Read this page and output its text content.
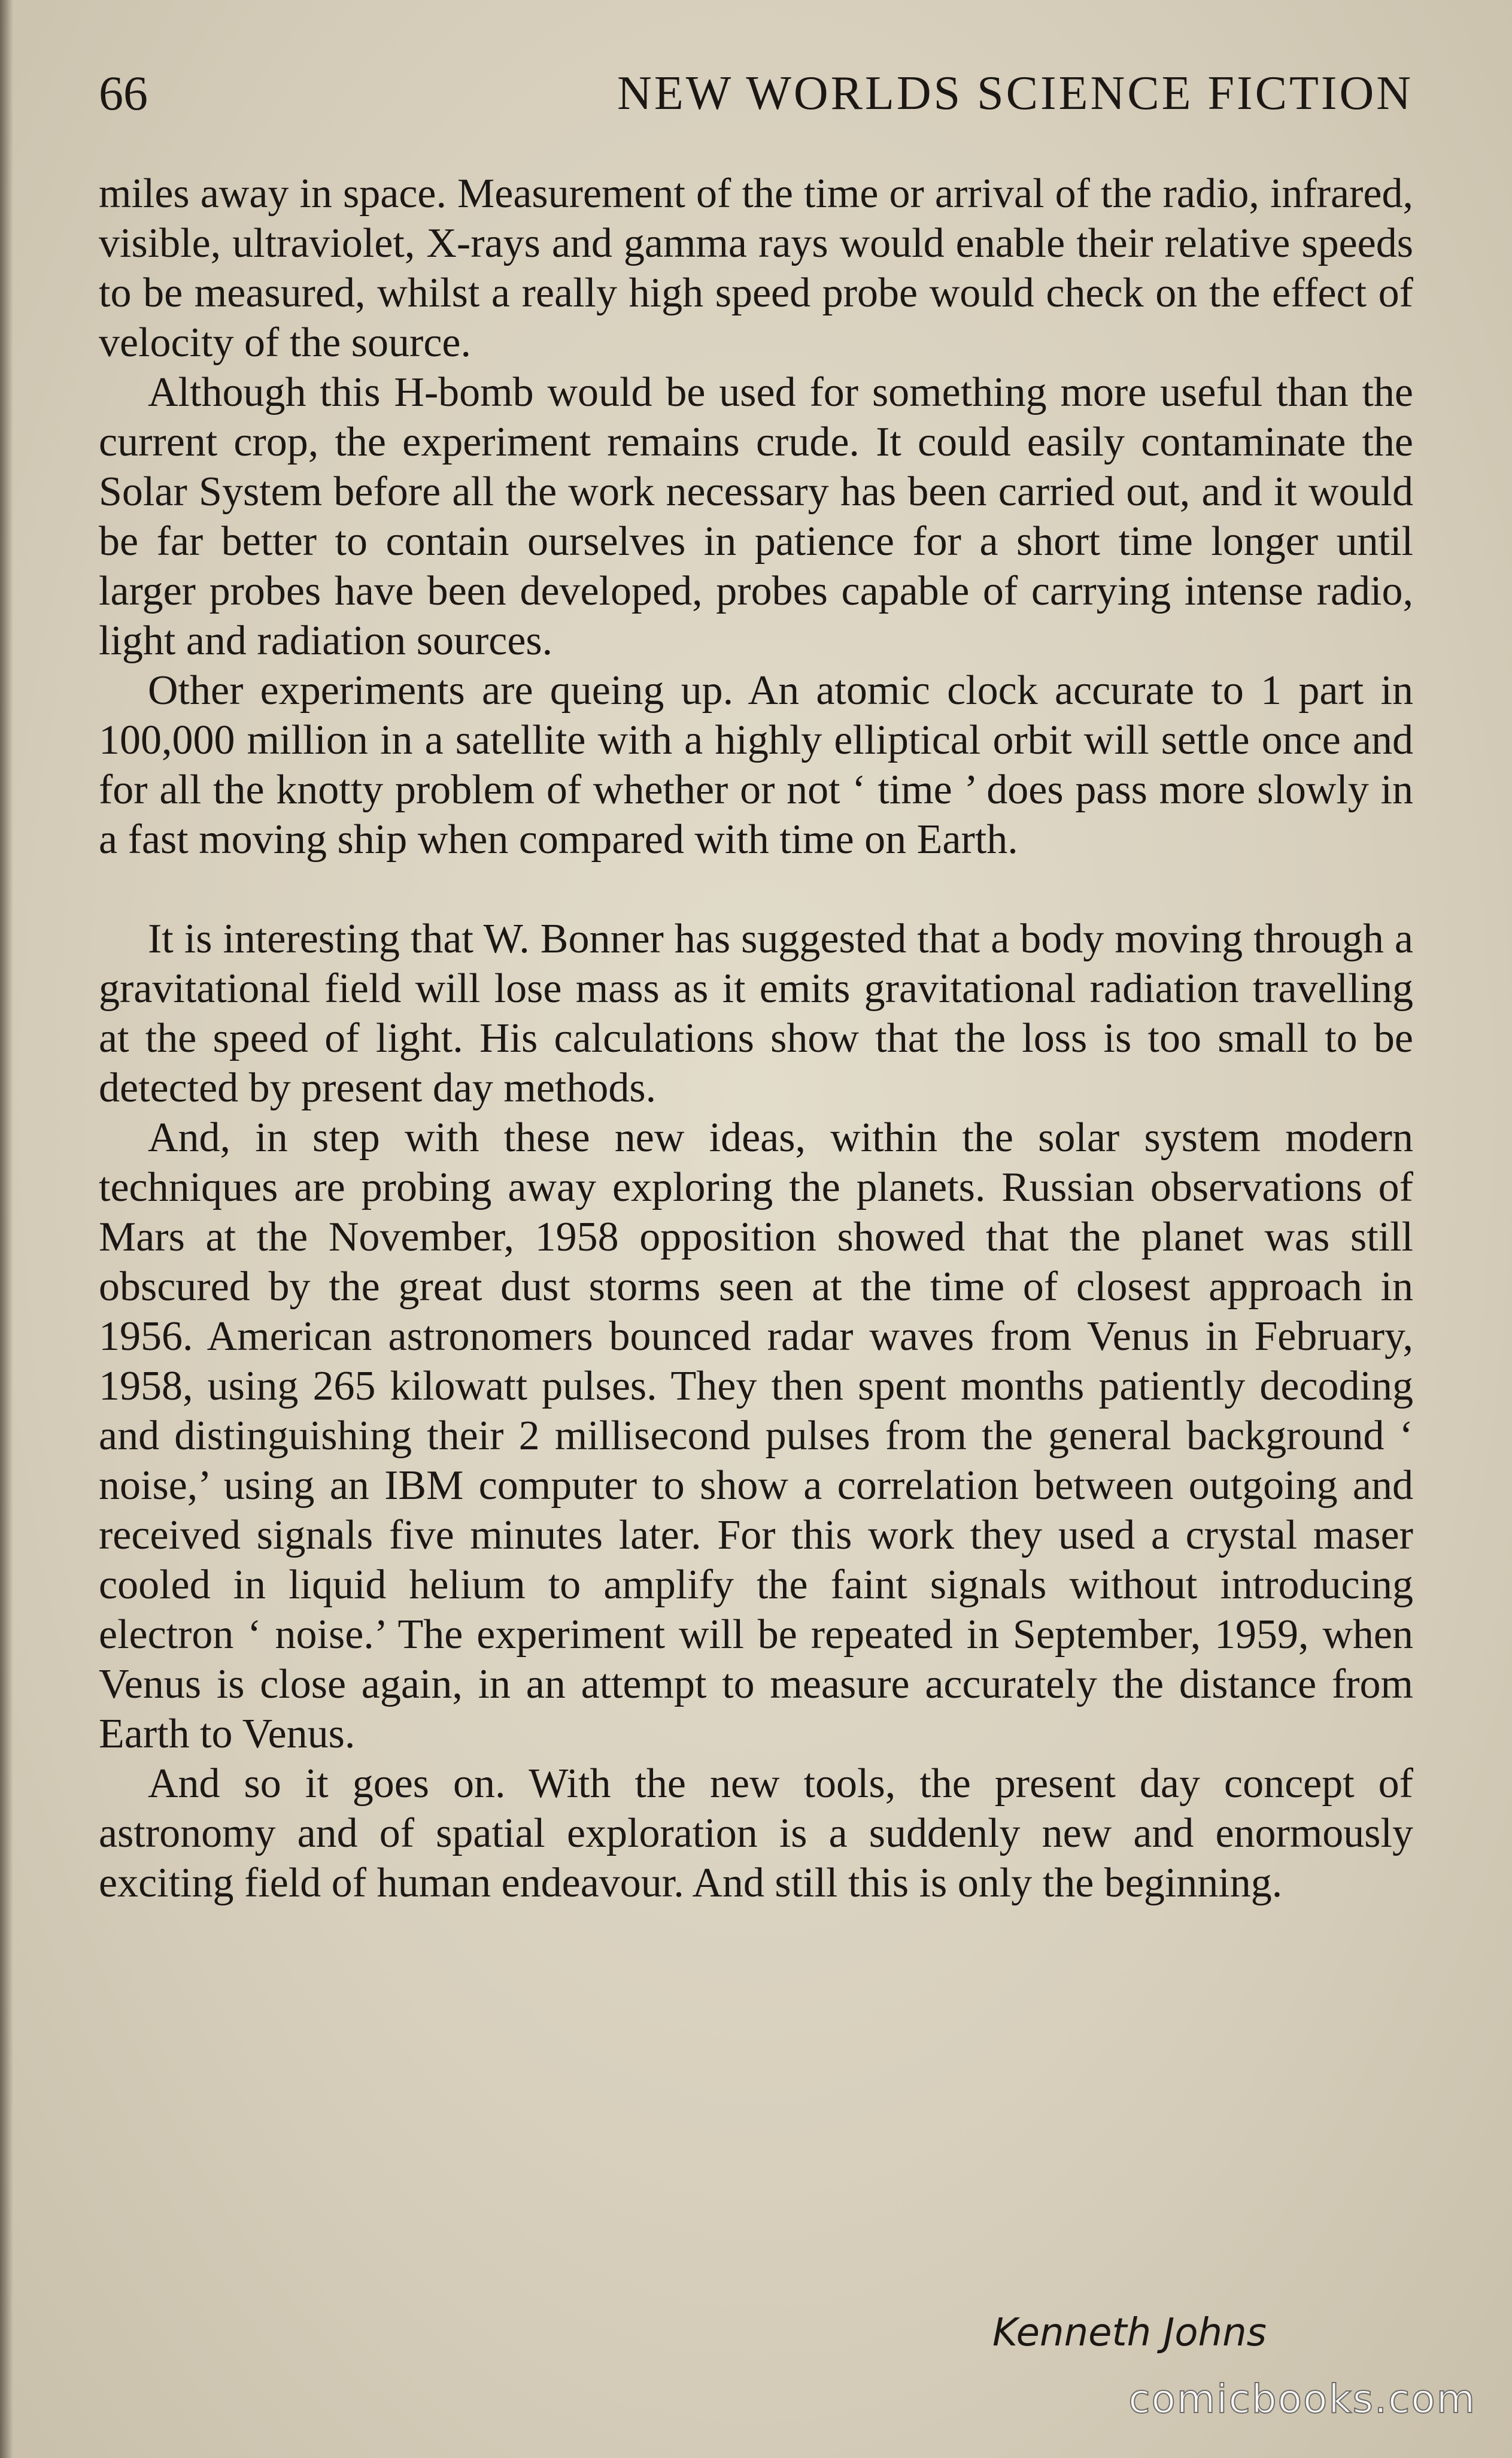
66	NEW WORLDS SCIENCE FICTION

miles away in space. Measurement of the time or arrival of the radio, infrared, visible, ultraviolet, X-rays and gamma rays would enable their relative speeds to be measured, whilst a really high speed probe would check on the effect of velocity of the source.

Although this H-bomb would be used for something more useful than the current crop, the experiment remains crude. It could easily contaminate the Solar System before all the work necessary has been carried out, and it would be far better to contain ourselves in patience for a short time longer until larger probes have been developed, probes capable of carrying intense radio, light and radiation sources.

Other experiments are queing up. An atomic clock accurate to 1 part in 100,000 million in a satellite with a highly elliptical orbit will settle once and for all the knotty problem of whether or not ‘ time ’ does pass more slowly in a fast moving ship when compared with time on Earth.

It is interesting that W. Bonner has suggested that a body moving through a gravitational field will lose mass as it emits gravitational radiation travelling at the speed of light. His calculations show that the loss is too small to be detected by present day methods.

And, in step with these new ideas, within the solar system modern techniques are probing away exploring the planets. Russian observations of Mars at the November, 1958 opposition showed that the planet was still obscured by the great dust storms seen at the time of closest approach in 1956. American astronomers bounced radar waves from Venus in February, 1958, using 265 kilowatt pulses. They then spent months patiently decoding and distinguishing their 2 millisecond pulses from the general background ‘ noise,’ using an IBM computer to show a correlation between outgoing and received signals five minutes later. For this work they used a crystal maser cooled in liquid helium to amplify the faint signals without introducing electron ‘ noise.’ The experiment will be repeated in September, 1959, when Venus is close again, in an attempt to measure accurately the distance from Earth to Venus.

And so it goes on. With the new tools, the present day concept of astronomy and of spatial exploration is a suddenly new and enormously exciting field of human endeavour. And still this is only the beginning.

Kenneth Johns
comicbooks.com
